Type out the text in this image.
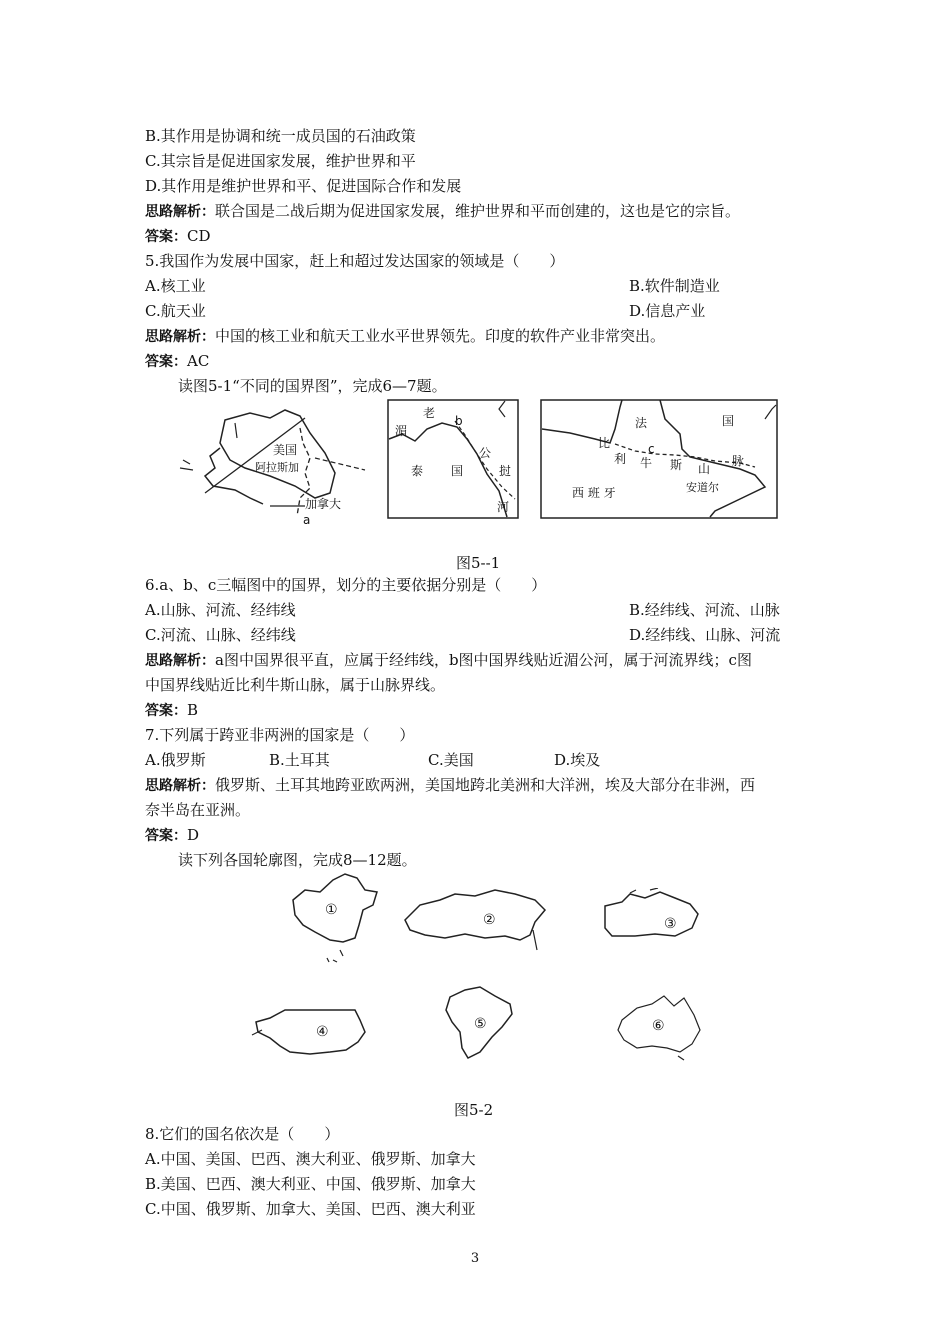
B.其作用是协调和统一成员国的石油政策
C.其宗旨是促进国家发展，维护世界和平
D.其作用是维护世界和平、促进国际合作和发展
思路解析：联合国是二战后期为促进国家发展，维护世界和平而创建的，这也是它的宗旨。
答案：CD
5.我国作为发展中国家，赶上和超过发达国家的领域是（　　）
A.核工业	B.软件制造业
C.航天业	D.信息产业
思路解析：中国的核工业和航天工业水平世界领先。印度的软件产业非常突出。
答案：AC
读图5-1“不同的国界图”，完成6—7题。
美国
阿拉斯加
加拿大
a
老
湄
b
泰 国
公
挝
河
法	国
c
比
利 牛 斯 山
脉
安道尔
西 班 牙
图5--1
6.a、b、c三幅图中的国界，划分的主要依据分别是（　　）
A.山脉、河流、经纬线	B.经纬线、河流、山脉
C.河流、山脉、经纬线	D.经纬线、山脉、河流
思路解析：a图中国界很平直，应属于经纬线，b图中国界线贴近湄公河，属于河流界线；c图
中国界线贴近比利牛斯山脉，属于山脉界线。
答案：B
7.下列属于跨亚非两洲的国家是（　　）
A.俄罗斯	B.土耳其	C.美国	D.埃及
思路解析：俄罗斯、土耳其地跨亚欧两洲，美国地跨北美洲和大洋洲，埃及大部分在非洲，西
奈半岛在亚洲。
答案：D
读下列各国轮廓图，完成8—12题。
①
②	③
④	⑤	⑥
图5-2
8.它们的国名依次是（　　）
A.中国、美国、巴西、澳大利亚、俄罗斯、加拿大
B.美国、巴西、澳大利亚、中国、俄罗斯、加拿大
C.中国、俄罗斯、加拿大、美国、巴西、澳大利亚
3
